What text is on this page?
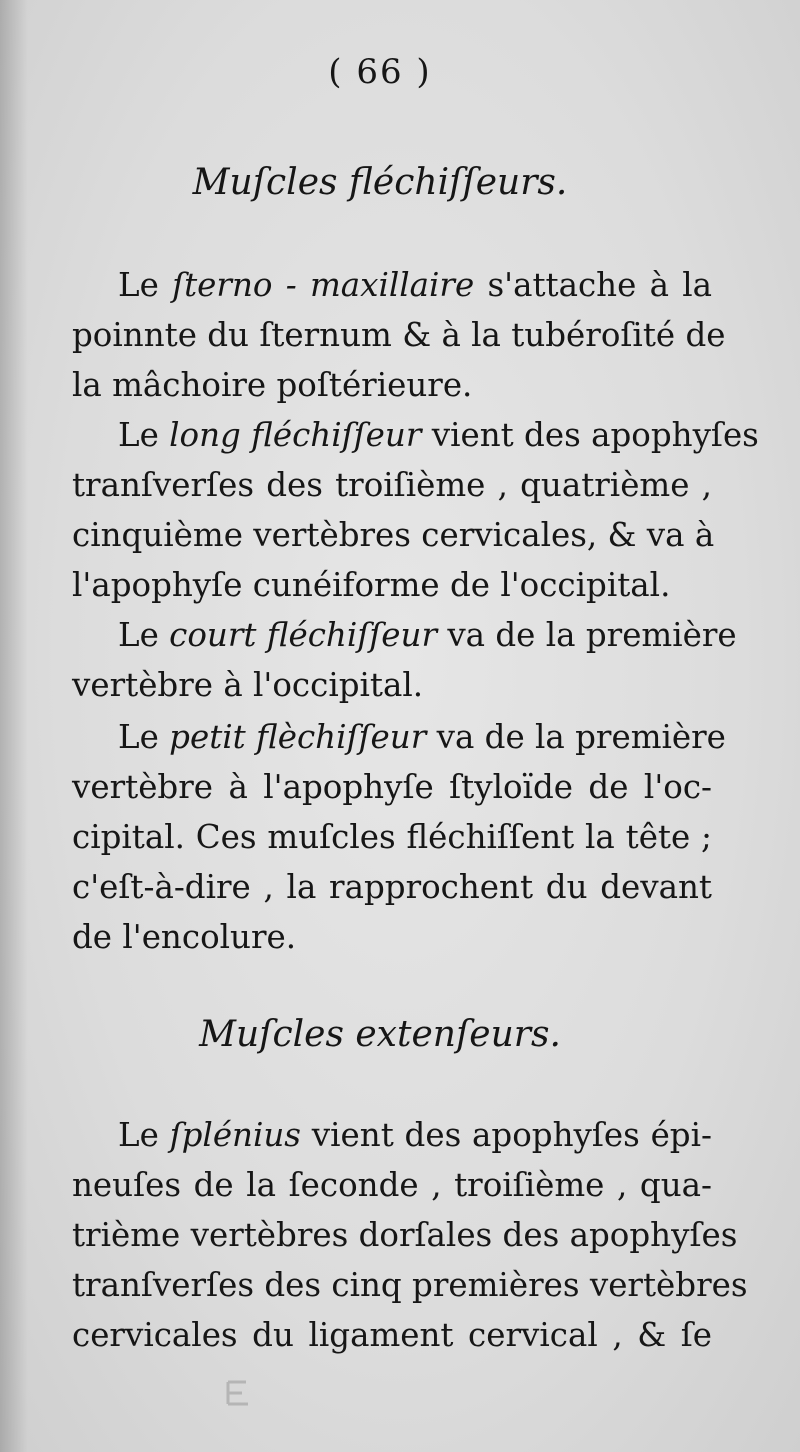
( 66 )
Muſcles fléchiſſeurs.
Le ſterno - maxillaire s'attache à la
poinnte du ſternum & à la tubéroſité de
la mâchoire poſtérieure.
Le long fléchiſſeur vient des apophyſes
tranſverſes des troiſième , quatrième ,
cinquième vertèbres cervicales, & va à
l'apophyſe cunéiforme de l'occipital.
Le court fléchiſſeur va de la première
vertèbre à l'occipital.
Le petit flèchiſſeur va de la première
vertèbre à l'apophyſe ſtyloïde de l'oc-
cipital. Ces muſcles fléchiſſent la tête ;
c'eſt-à-dire , la rapprochent du devant
de l'encolure.
Muſcles extenſeurs.
Le ſplénius vient des apophyſes épi-
neuſes de la ſeconde , troiſième , qua-
trième vertèbres dorſales des apophyſes
tranſverſes des cinq premières vertèbres
cervicales du ligament cervical , & ſe
